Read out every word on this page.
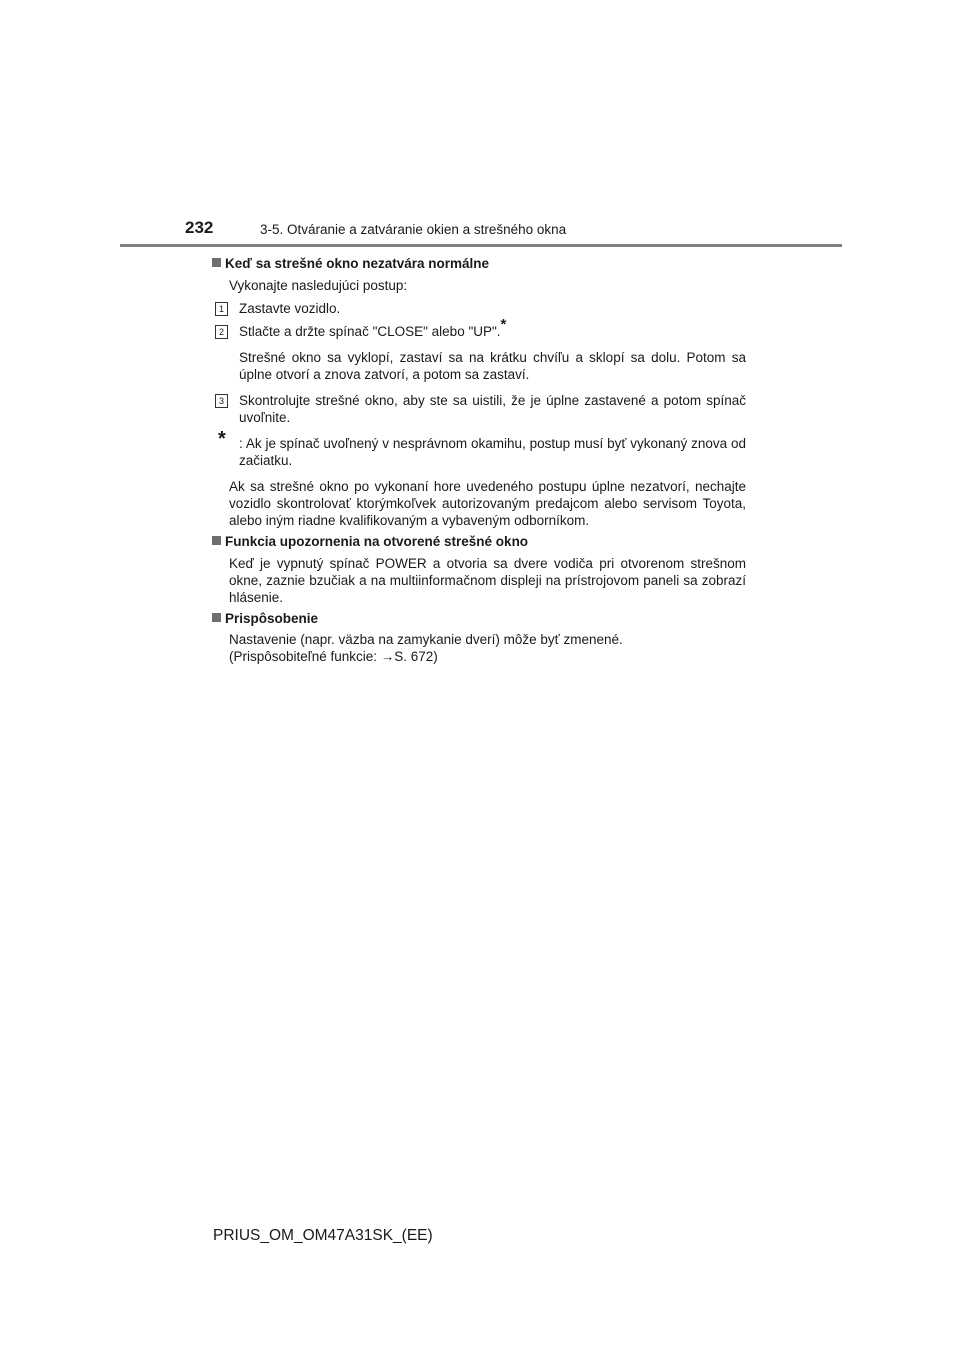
232	3-5. Otváranie a zatváranie okien a strešného okna
Keď sa strešné okno nezatvára normálne
Vykonajte nasledujúci postup:
1 Zastavte vozidlo.
2 Stlačte a držte spínač "CLOSE" alebo "UP".*
Strešné okno sa vyklopí, zastaví sa na krátku chvíľu a sklopí sa dolu. Potom sa úplne otvorí a znova zatvorí, a potom sa zastaví.
3 Skontrolujte strešné okno, aby ste sa uistili, že je úplne zastavené a potom spínač uvoľnite.
* : Ak je spínač uvoľnený v nesprávnom okamihu, postup musí byť vykonaný znova od začiatku.
Ak sa strešné okno po vykonaní hore uvedeného postupu úplne nezatvorí, nechajte vozidlo skontrolovať ktorýmkoľvek autorizovaným predajcom alebo servisom Toyota, alebo iným riadne kvalifikovaným a vybaveným odborníkom.
Funkcia upozornenia na otvorené strešné okno
Keď je vypnutý spínač POWER a otvoria sa dvere vodiča pri otvorenom strešnom okne, zaznie bzučiak a na multiinformačnom displeji na prístrojovom paneli sa zobrazí hlásenie.
Prispôsobenie
Nastavenie (napr. väzba na zamykanie dverí) môže byť zmenené.
(Prispôsobiteľné funkcie: →S. 672)
PRIUS_OM_OM47A31SK_(EE)
